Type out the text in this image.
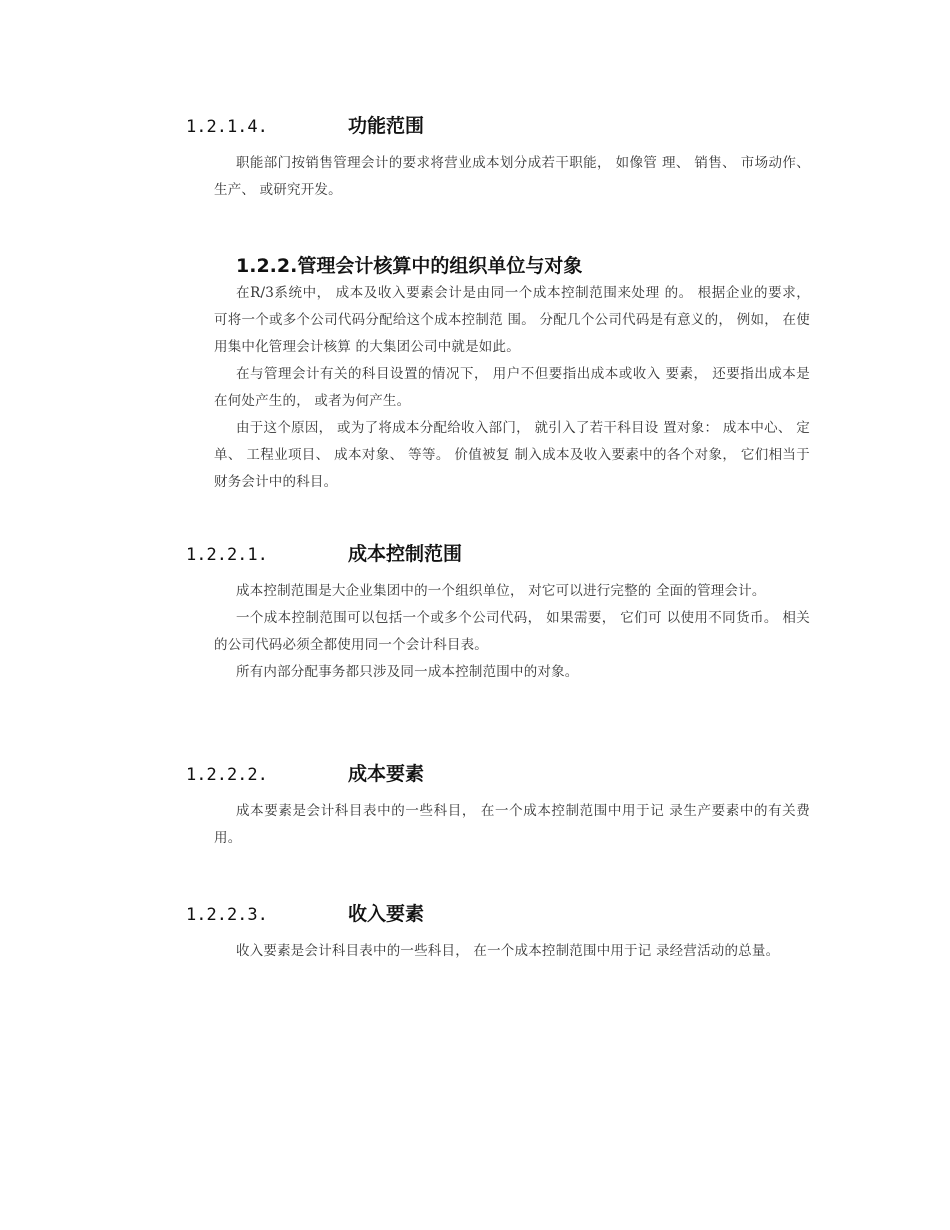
1.2.1.4.	功能范围

职能部门按销售管理会计的要求将营业成本划分成若干职能， 如像管 理、 销售、 市场动作、 生产、 或研究开发。

1.2.2.管理会计核算中的组织单位与对象

在R/3系统中， 成本及收入要素会计是由同一个成本控制范围来处理 的。 根据企业的要求， 可将一个或多个公司代码分配给这个成本控制范 围。 分配几个公司代码是有意义的， 例如， 在使用集中化管理会计核算 的大集团公司中就是如此。

在与管理会计有关的科目设置的情况下， 用户不但要指出成本或收入 要素， 还要指出成本是在何处产生的， 或者为何产生。

由于这个原因， 或为了将成本分配给收入部门， 就引入了若干科目设 置对象： 成本中心、 定单、 工程业项目、 成本对象、 等等。 价值被复 制入成本及收入要素中的各个对象， 它们相当于财务会计中的科目。

1.2.2.1.	成本控制范围

成本控制范围是大企业集团中的一个组织单位， 对它可以进行完整的 全面的管理会计。

一个成本控制范围可以包括一个或多个公司代码， 如果需要， 它们可 以使用不同货币。 相关的公司代码必须全都使用同一个会计科目表。

所有内部分配事务都只涉及同一成本控制范围中的对象。

1.2.2.2.	成本要素

成本要素是会计科目表中的一些科目， 在一个成本控制范围中用于记 录生产要素中的有关费用。

1.2.2.3.	收入要素

收入要素是会计科目表中的一些科目， 在一个成本控制范围中用于记 录经营活动的总量。
